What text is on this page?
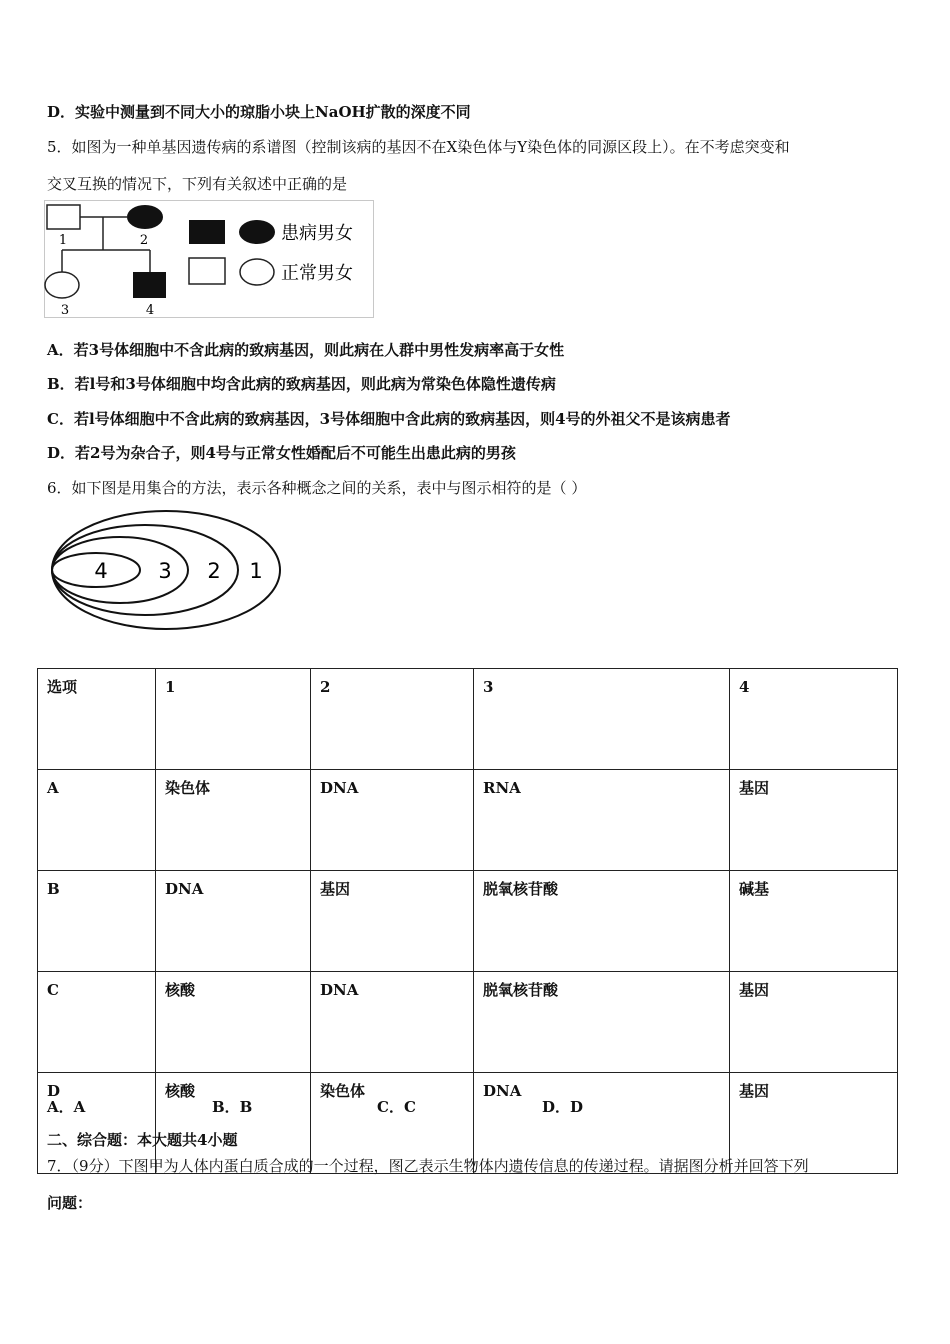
D．实验中测量到不同大小的琼脂小块上NaOH扩散的深度不同
5．如图为一种单基因遗传病的系谱图（控制该病的基因不在X染色体与Y染色体的同源区段上）。在不考虑突变和
交叉互换的情况下，下列有关叙述中正确的是
1	2
3	4
患病男女
正常男女
A．若3号体细胞中不含此病的致病基因，则此病在人群中男性发病率高于女性
B．若l号和3号体细胞中均含此病的致病基因，则此病为常染色体隐性遗传病
C．若l号体细胞中不含此病的致病基因，3号体细胞中含此病的致病基因，则4号的外祖父不是该病患者
D．若2号为杂合子，则4号与正常女性婚配后不可能生出患此病的男孩
6．如下图是用集合的方法，表示各种概念之间的关系，表中与图示相符的是（ ）
4 3 2 1
选项	1	2	3	4
A	染色体	DNA	RNA	基因
B	DNA	基因	脱氧核苷酸	碱基
C	核酸	DNA	脱氧核苷酸	基因
D	核酸	染色体	DNA	基因
A．A	B．B	C．C	D．D
二、综合题：本大题共4小题
7．（9分）下图甲为人体内蛋白质合成的一个过程，图乙表示生物体内遗传信息的传递过程。请据图分析并回答下列
问题：
